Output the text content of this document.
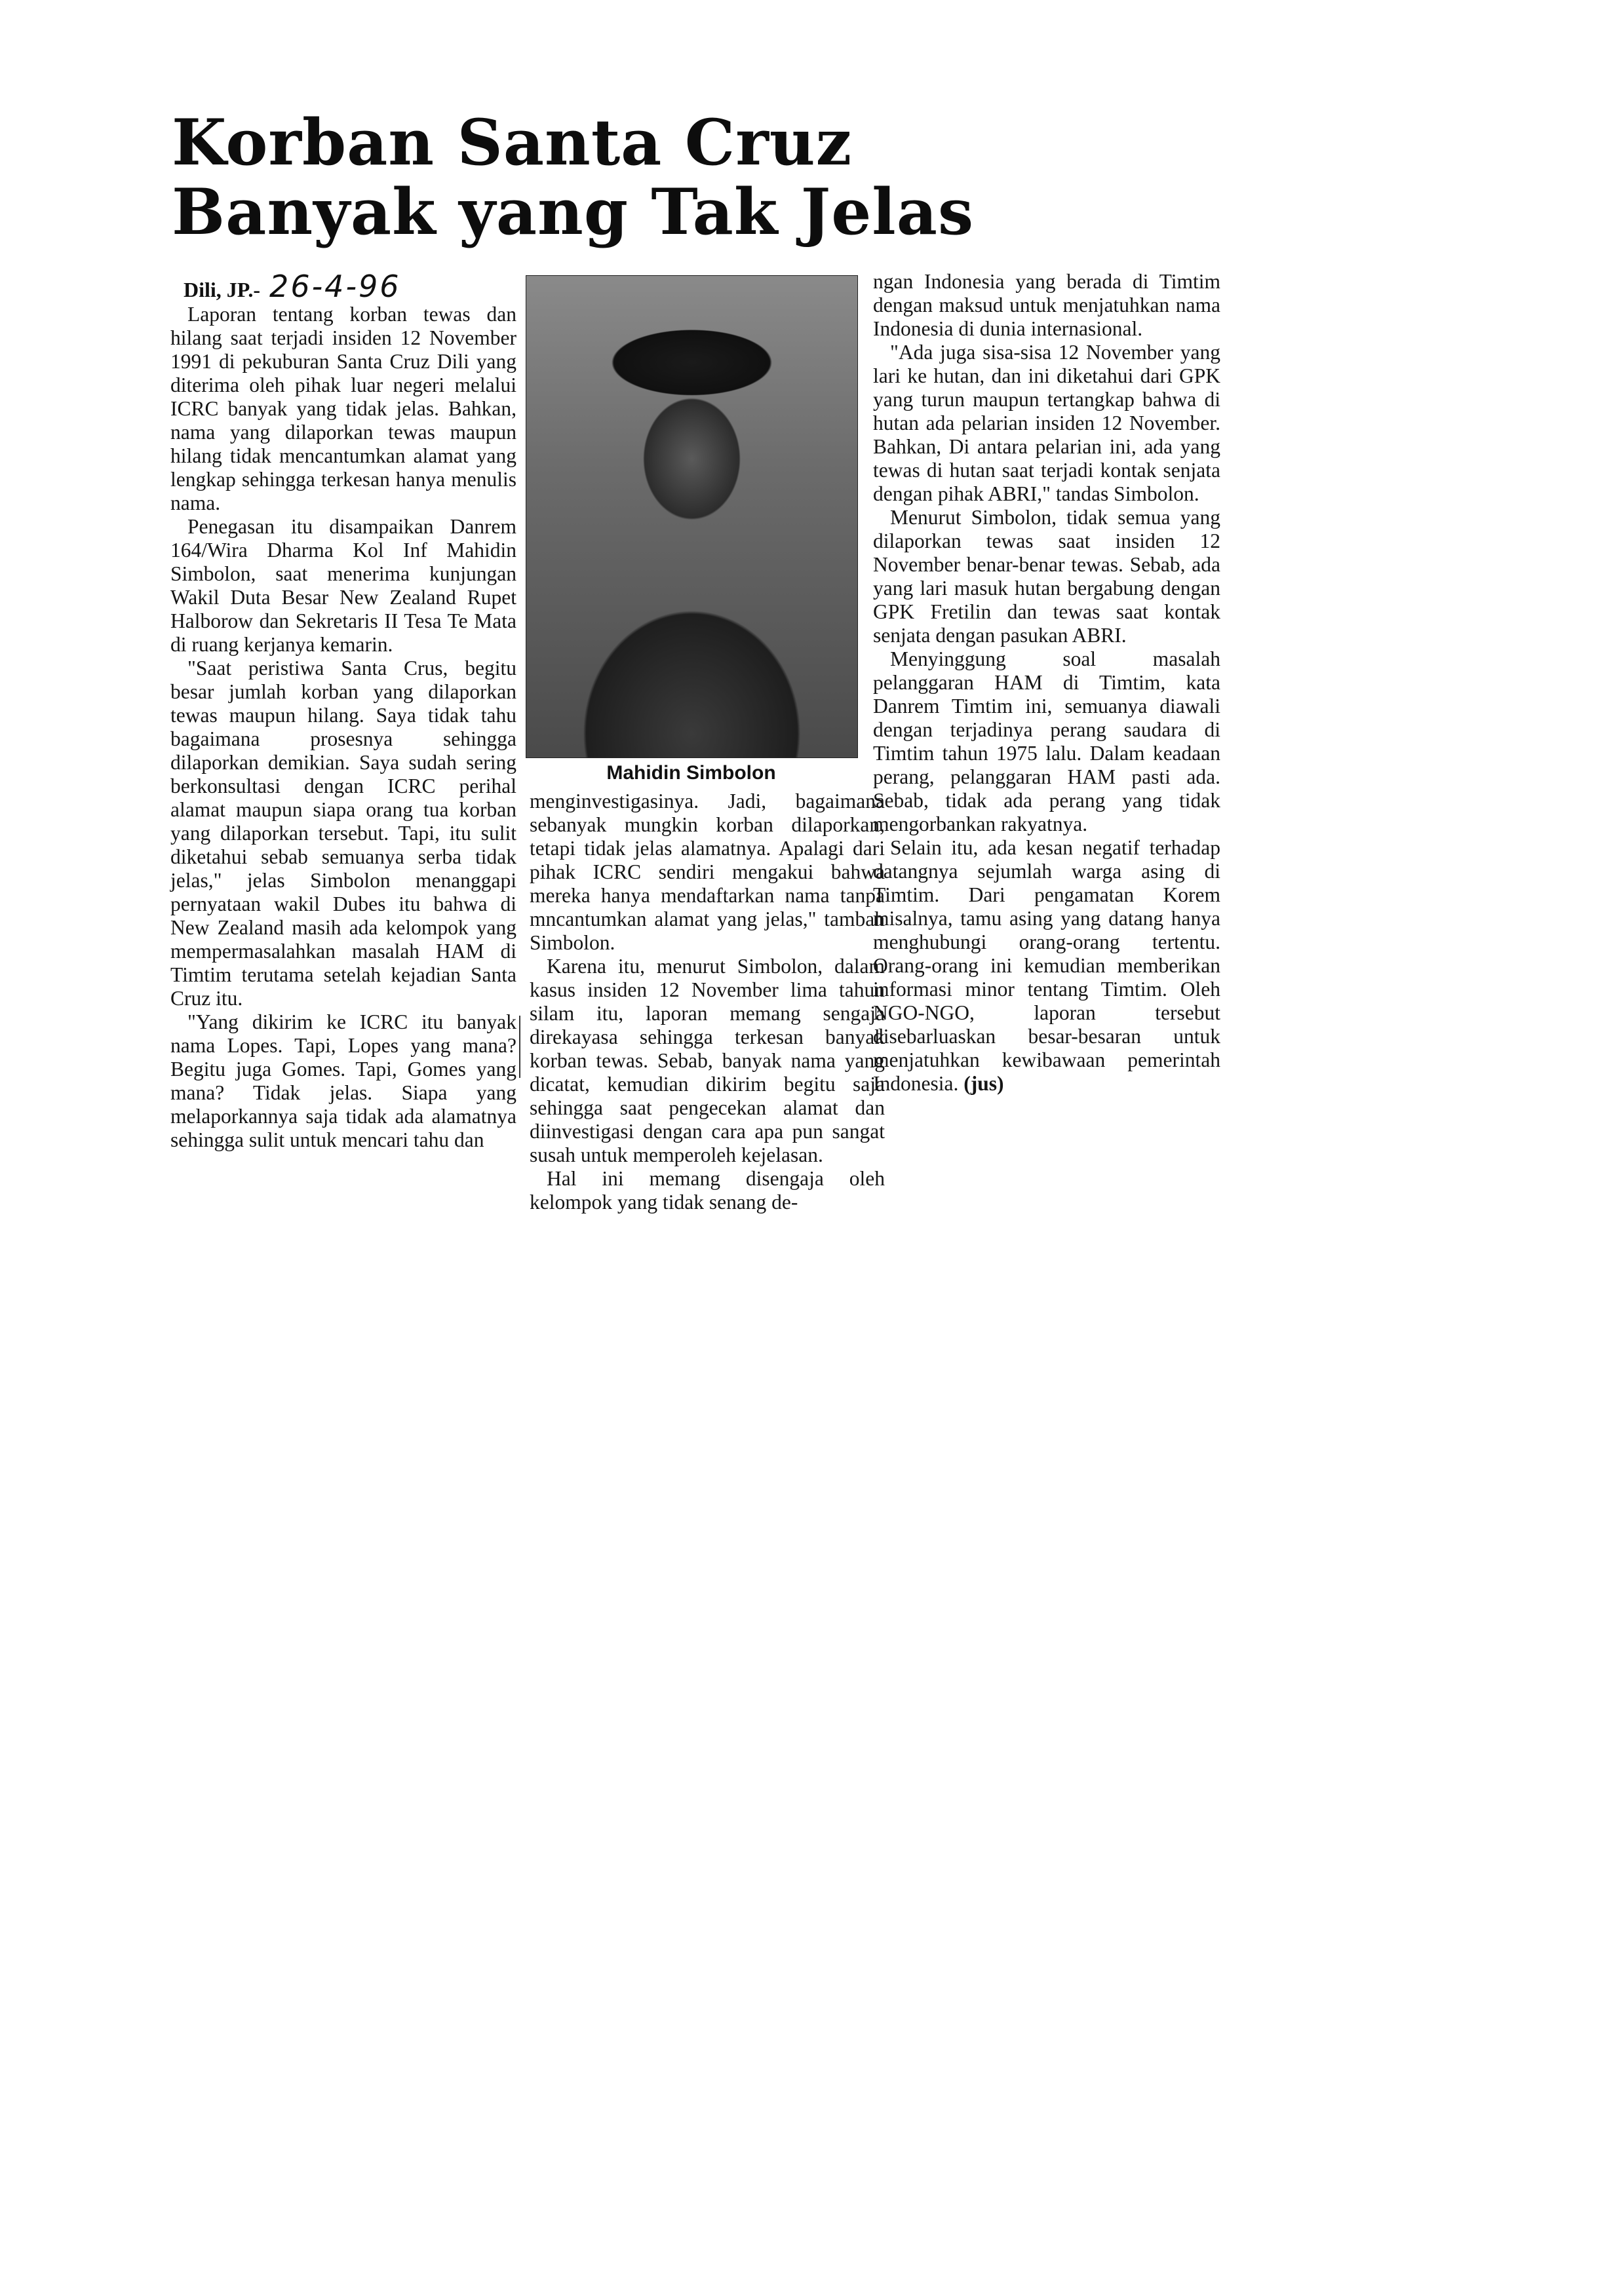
Korban Santa Cruz
Banyak yang Tak Jelas
Dili, JP.- 26-4-96

Laporan tentang korban tewas dan hilang saat terjadi insiden 12 November 1991 di pekuburan Santa Cruz Dili yang diterima oleh pihak luar negeri melalui ICRC banyak yang tidak jelas. Bahkan, nama yang dilaporkan tewas maupun hilang tidak mencantumkan alamat yang lengkap sehingga terkesan hanya menulis nama.

Penegasan itu disampaikan Danrem 164/Wira Dharma Kol Inf Mahidin Simbolon, saat menerima kunjungan Wakil Duta Besar New Zealand Rupet Halborow dan Sekretaris II Tesa Te Mata di ruang kerjanya kemarin.

"Saat peristiwa Santa Crus, begitu besar jumlah korban yang dilaporkan tewas maupun hilang. Saya tidak tahu bagaimana prosesnya sehingga dilaporkan demikian. Saya sudah sering berkonsultasi dengan ICRC perihal alamat maupun siapa orang tua korban yang dilaporkan tersebut. Tapi, itu sulit diketahui sebab semuanya serba tidak jelas," jelas Simbolon menanggapi pernyataan wakil Dubes itu bahwa di New Zealand masih ada kelompok yang mempermasalahkan masalah HAM di Timtim terutama setelah kejadian Santa Cruz itu.

"Yang dikirim ke ICRC itu banyak nama Lopes. Tapi, Lopes yang mana? Begitu juga Gomes. Tapi, Gomes yang mana? Tidak jelas. Siapa yang melaporkannya saja tidak ada alamatnya sehingga sulit untuk mencari tahu dan

Mahidin Simbolon

menginvestigasinya. Jadi, bagaimana sebanyak mungkin korban dilaporkan, tetapi tidak jelas alamatnya. Apalagi dari pihak ICRC sendiri mengakui bahwa mereka hanya mendaftarkan nama tanpa mncantumkan alamat yang jelas," tambah Simbolon.

Karena itu, menurut Simbolon, dalam kasus insiden 12 November lima tahun silam itu, laporan memang sengaja direkayasa sehingga terkesan banyak korban tewas. Sebab, banyak nama yang dicatat, kemudian dikirim begitu saja sehingga saat pengecekan alamat dan diinvestigasi dengan cara apa pun sangat susah untuk memperoleh kejelasan.

Hal ini memang disengaja oleh kelompok yang tidak senang de-

ngan Indonesia yang berada di Timtim dengan maksud untuk menjatuhkan nama Indonesia di dunia internasional.

"Ada juga sisa-sisa 12 November yang lari ke hutan, dan ini diketahui dari GPK yang turun maupun tertangkap bahwa di hutan ada pelarian insiden 12 November. Bahkan, Di antara pelarian ini, ada yang tewas di hutan saat terjadi kontak senjata dengan pihak ABRI," tandas Simbolon.

Menurut Simbolon, tidak semua yang dilaporkan tewas saat insiden 12 November benar-benar tewas. Sebab, ada yang lari masuk hutan bergabung dengan GPK Fretilin dan tewas saat kontak senjata dengan pasukan ABRI.

Menyinggung soal masalah pelanggaran HAM di Timtim, kata Danrem Timtim ini, semuanya diawali dengan terjadinya perang saudara di Timtim tahun 1975 lalu. Dalam keadaan perang, pelanggaran HAM pasti ada. Sebab, tidak ada perang yang tidak mengorbankan rakyatnya.

Selain itu, ada kesan negatif terhadap datangnya sejumlah warga asing di Timtim. Dari pengamatan Korem misalnya, tamu asing yang datang hanya menghubungi orang-orang tertentu. Orang-orang ini kemudian memberikan informasi minor tentang Timtim. Oleh NGO-NGO, laporan tersebut disebarluaskan besar-besaran untuk menjatuhkan kewibawaan pemerintah Indonesia. (jus)
